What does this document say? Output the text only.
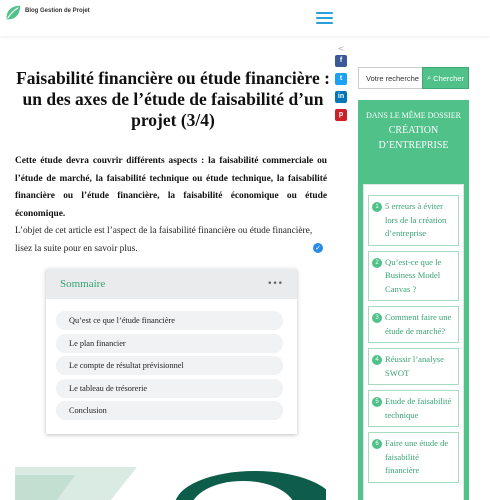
Blog Gestion de Projet
<
f
t
in
p
Faisabilité financière ou étude financière : un des axes de l’étude de faisabilité d’un projet (3/4)

Cette étude devra couvrir différents aspects : la faisabilité commerciale ou l’étude de marché, la faisabilité technique ou étude technique, la faisabilité financière ou l’étude financière, la faisabilité économique ou étude économique.

L’objet de cet article est l’aspect de la faisabilité financière ou étude financière, lisez la suite pour en savoir plus.	✓
Sommaire	•••
Qu’est ce que l’étude financière
Le plan financier
Le compte de résultat prévisionnel
Le tableau de trésorerie
Conclusion
Votre recherche
⌕ Chercher
DANS LE MÊME DOSSIER
CRÉATION D’ENTREPRISE
1 5 erreurs à éviter lors de la création d’entreprise
2 Qu’est-ce que le Business Model Canvas ?
3 Comment faire une étude de marché?
4 Réussir l’analyse SWOT
5 Etude de faisabilité technique
6 Faire une étude de faisabilité financière
